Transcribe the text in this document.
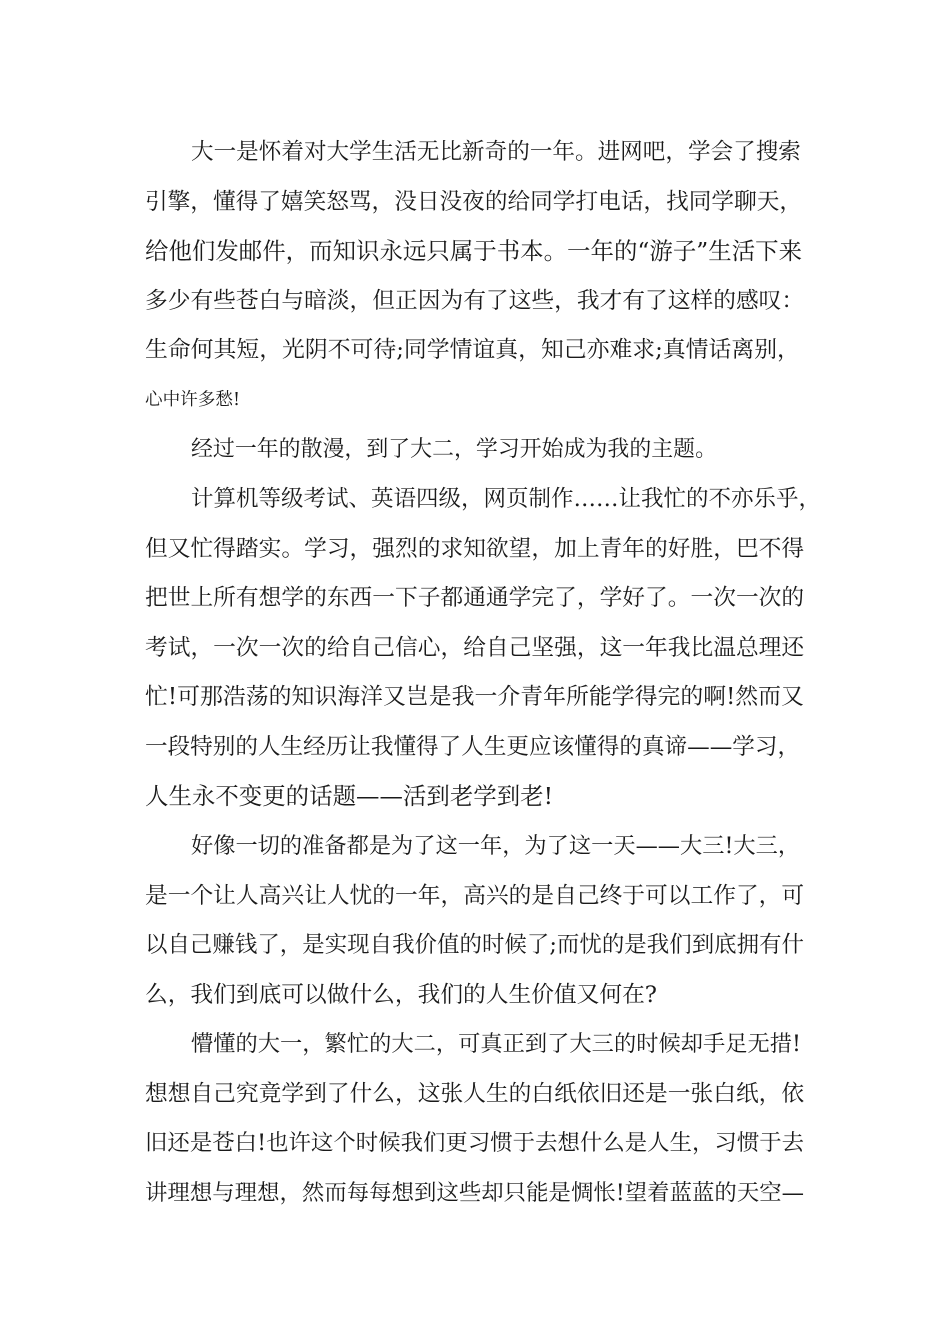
大一是怀着对大学生活无比新奇的一年。进网吧，学会了搜索
引擎，懂得了嬉笑怒骂，没日没夜的给同学打电话，找同学聊天，
给他们发邮件，而知识永远只属于书本。一年的“游子”生活下来
多少有些苍白与暗淡，但正因为有了这些，我才有了这样的感叹：
生命何其短，光阴不可待;同学情谊真，知己亦难求;真情话离别，
心中许多愁!
经过一年的散漫，到了大二，学习开始成为我的主题。
计算机等级考试、英语四级，网页制作……让我忙的不亦乐乎，
但又忙得踏实。学习，强烈的求知欲望，加上青年的好胜，巴不得
把世上所有想学的东西一下子都通通学完了，学好了。一次一次的
考试，一次一次的给自己信心，给自己坚强，这一年我比温总理还
忙!可那浩荡的知识海洋又岂是我一介青年所能学得完的啊!然而又
一段特别的人生经历让我懂得了人生更应该懂得的真谛——学习，
人生永不变更的话题——活到老学到老!
好像一切的准备都是为了这一年，为了这一天——大三!大三，
是一个让人高兴让人忧的一年，高兴的是自己终于可以工作了，可
以自己赚钱了，是实现自我价值的时候了;而忧的是我们到底拥有什
么，我们到底可以做什么，我们的人生价值又何在?
懵懂的大一，繁忙的大二，可真正到了大三的时候却手足无措!
想想自己究竟学到了什么，这张人生的白纸依旧还是一张白纸，依
旧还是苍白!也许这个时候我们更习惯于去想什么是人生，习惯于去
讲理想与理想，然而每每想到这些却只能是惆怅!望着蓝蓝的天空—
